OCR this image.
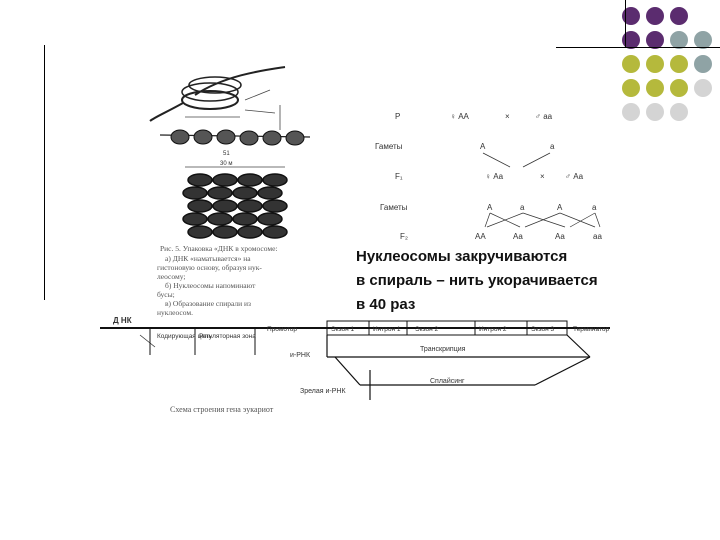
51
30 м
Рис. 5. Упаковка «ДНК в хромосоме:
а) ДНК «наматывается» на
гистоновую основу, образуя нук-
леосому;
б) Нуклеосомы напоминают
бусы;
в) Образование спирали из
нуклеосом.
P	♀ АА	×	♂ аа
Гаметы	А	а
F₁	♀ Аа	×	♂ Аа
Гаметы	А	а	А	а
F₂	АА	Аа	Аа	аа
Д НК
Кодирующая цепь
Регуляторная зона
Промотор	Экзон 1	Интрон 1 Экзон 2	Интрон 2	Экзон 3	Терминатор
Транскрипция
и-РНК
Сплайсинг
Зрелая и-РНК
Схема строения гена эукариот
Нуклеосомы закручиваются
в спираль – нить укорачивается
в 40 раз
